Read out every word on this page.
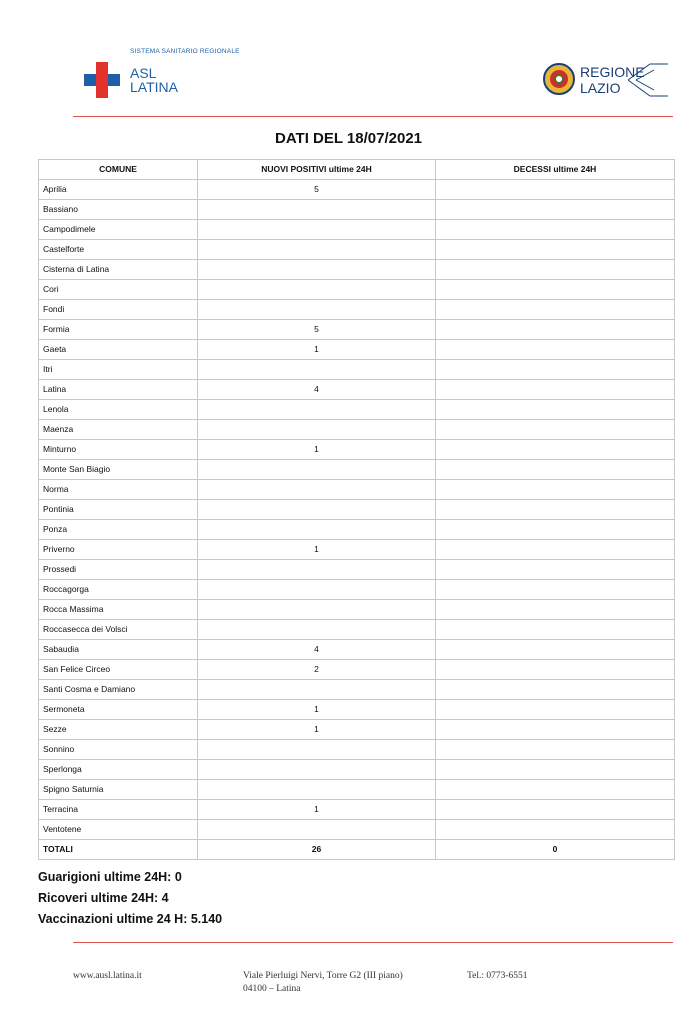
SISTEMA SANITARIO REGIONALE
ASL
LATINA
REGIONE
LAZIO
DATI DEL 18/07/2021
COMUNE	NUOVI POSITIVI ultime 24H	DECESSI ultime 24H
Aprilia	5	
Bassiano		
Campodimele		
Castelforte		
Cisterna di Latina		
Cori		
Fondi		
Formia	5	
Gaeta	1	
Itri		
Latina	4	
Lenola		
Maenza		
Minturno	1	
Monte San Biagio		
Norma		
Pontinia		
Ponza		
Priverno	1	
Prossedi		
Roccagorga		
Rocca Massima		
Roccasecca dei Volsci		
Sabaudia	4	
San Felice Circeo	2	
Santi Cosma e Damiano		
Sermoneta	1	
Sezze	1	
Sonnino		
Sperlonga		
Spigno Saturnia		
Terracina	1	
Ventotene		
TOTALI	26	0
Guarigioni ultime 24H: 0
Ricoveri ultime 24H: 4
Vaccinazioni ultime 24 H: 5.140
www.ausl.latina.it	Viale Pierluigi Nervi, Torre G2 (III piano)
04100 – Latina
Tel.: 0773-6551
